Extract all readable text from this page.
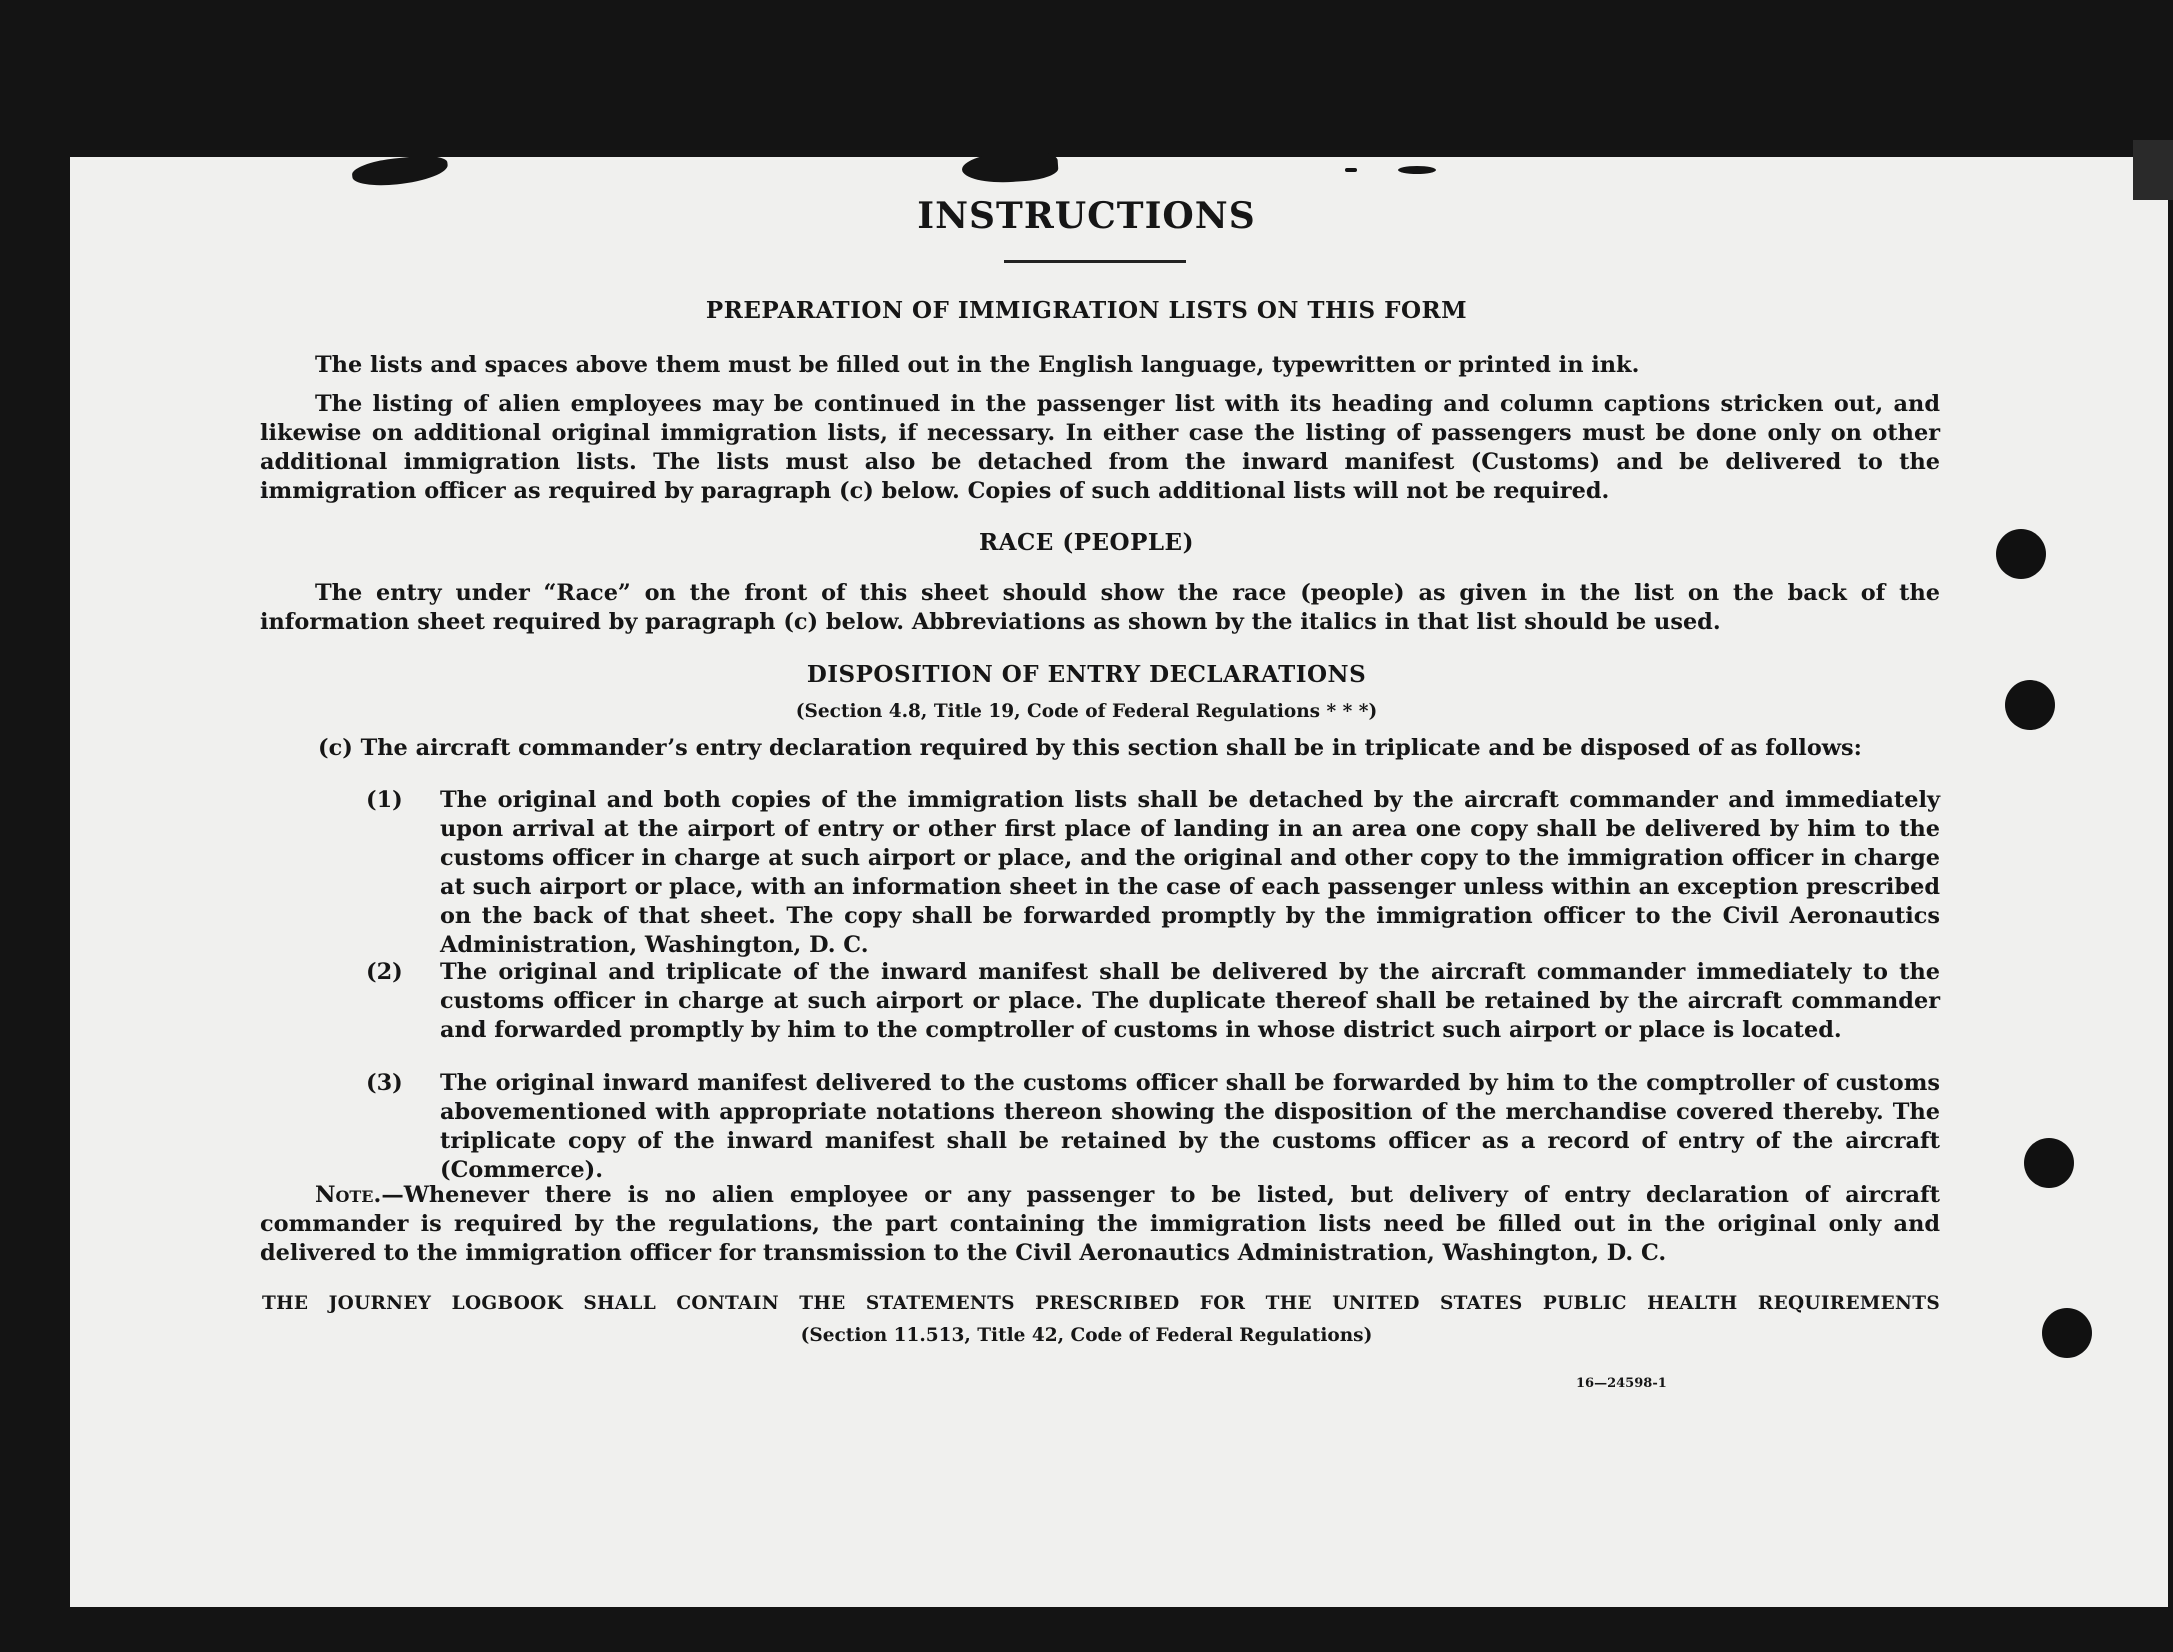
INSTRUCTIONS
PREPARATION OF IMMIGRATION LISTS ON THIS FORM
The lists and spaces above them must be filled out in the English language, typewritten or printed in ink.
The listing of alien employees may be continued in the passenger list with its heading and column captions stricken out, and likewise on additional original immigration lists, if necessary. In either case the listing of passengers must be done only on other additional immigration lists. The lists must also be detached from the inward manifest (Customs) and be delivered to the immigration officer as required by paragraph (c) below. Copies of such additional lists will not be required.
RACE (PEOPLE)
The entry under “Race” on the front of this sheet should show the race (people) as given in the list on the back of the information sheet required by paragraph (c) below. Abbreviations as shown by the italics in that list should be used.
DISPOSITION OF ENTRY DECLARATIONS
(Section 4.8, Title 19, Code of Federal Regulations * * *)
(c) The aircraft commander’s entry declaration required by this section shall be in triplicate and be disposed of as follows:
(1) The original and both copies of the immigration lists shall be detached by the aircraft commander and immediately upon arrival at the airport of entry or other first place of landing in an area one copy shall be delivered by him to the customs officer in charge at such airport or place, and the original and other copy to the immigration officer in charge at such airport or place, with an information sheet in the case of each passenger unless within an exception prescribed on the back of that sheet. The copy shall be forwarded promptly by the immigration officer to the Civil Aeronautics Administration, Washington, D. C.
(2) The original and triplicate of the inward manifest shall be delivered by the aircraft commander immediately to the customs officer in charge at such airport or place. The duplicate thereof shall be retained by the aircraft commander and forwarded promptly by him to the comptroller of customs in whose district such airport or place is located.
(3) The original inward manifest delivered to the customs officer shall be forwarded by him to the comptroller of customs abovementioned with appropriate notations thereon showing the disposition of the merchandise covered thereby. The triplicate copy of the inward manifest shall be retained by the customs officer as a record of entry of the aircraft (Commerce).
Note.—Whenever there is no alien employee or any passenger to be listed, but delivery of entry declaration of aircraft commander is required by the regulations, the part containing the immigration lists need be filled out in the original only and delivered to the immigration officer for transmission to the Civil Aeronautics Administration, Washington, D. C.
THE JOURNEY LOGBOOK SHALL CONTAIN THE STATEMENTS PRESCRIBED FOR THE UNITED STATES PUBLIC HEALTH REQUIREMENTS
(Section 11.513, Title 42, Code of Federal Regulations)
16—24598-1
